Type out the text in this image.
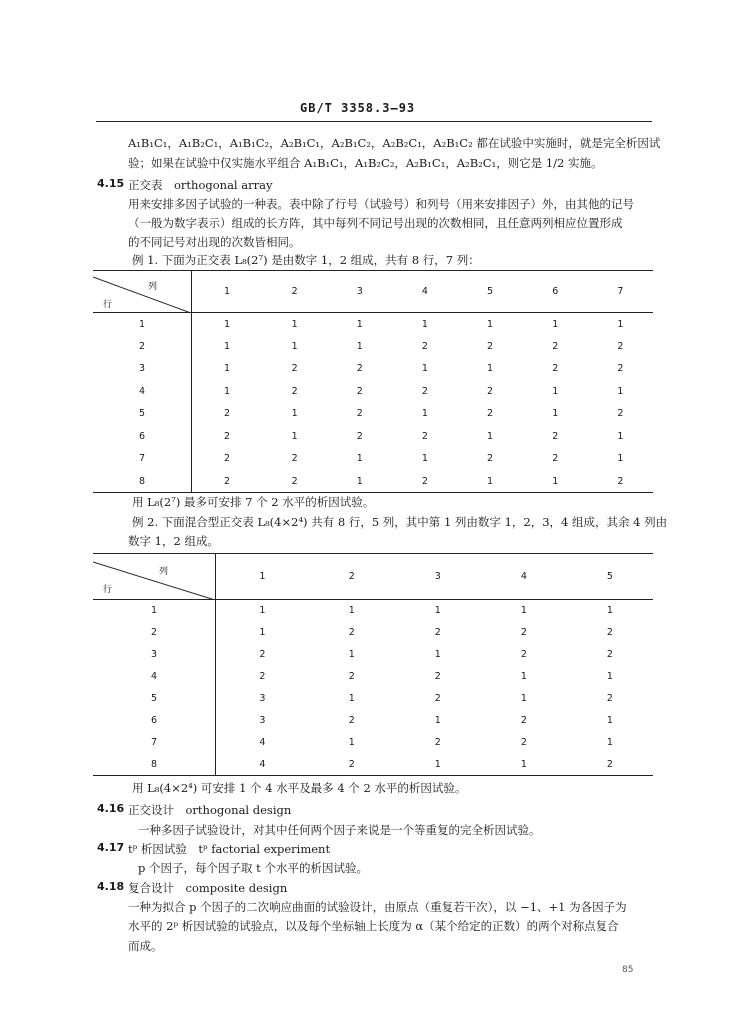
GB/T 3358.3—93
A₁B₁C₁，A₁B₂C₁，A₁B₁C₂，A₂B₁C₁，A₂B₁C₂，A₂B₂C₁，A₂B₁C₂ 都在试验中实施时，就是完全析因试
验；如果在试验中仅实施水平组合 A₁B₁C₁，A₁B₂C₂，A₂B₁C₁，A₂B₂C₁，则它是 1/2 实施。
4.15 正交表　orthogonal array
用来安排多因子试验的一种表。表中除了行号（试验号）和列号（用来安排因子）外，由其他的记号
（一般为数字表示）组成的长方阵，其中每列不同记号出现的次数相同，且任意两列相应位置形成
的不同记号对出现的次数皆相同。
例 1. 下面为正交表 L₈(2⁷) 是由数字 1，2 组成，共有 8 行，7 列：
列
行	1	2	3	4	5	6	7
1	1	1	1	1	1	1	1
2	1	1	1	2	2	2	2
3	1	2	2	1	1	2	2
4	1	2	2	2	2	1	1
5	2	1	2	1	2	1	2
6	2	1	2	2	1	2	1
7	2	2	1	1	2	2	1
8	2	2	1	2	1	1	2
用 L₈(2⁷) 最多可安排 7 个 2 水平的析因试验。
例 2. 下面混合型正交表 L₈(4×2⁴) 共有 8 行，5 列，其中第 1 列由数字 1，2，3，4 组成，其余 4 列由
数字 1，2 组成。
列
行	1	2	3	4	5
1	1	1	1	1	1
2	1	2	2	2	2
3	2	1	1	2	2
4	2	2	2	1	1
5	3	1	2	1	2
6	3	2	1	2	1
7	4	1	2	2	1
8	4	2	1	1	2
用 L₈(4×2⁴) 可安排 1 个 4 水平及最多 4 个 2 水平的析因试验。
4.16 正交设计　orthogonal design
一种多因子试验设计，对其中任何两个因子来说是一个等重复的完全析因试验。
4.17 tᵖ 析因试验　tᵖ factorial experiment
p 个因子，每个因子取 t 个水平的析因试验。
4.18 复合设计　composite design
一种为拟合 p 个因子的二次响应曲面的试验设计，由原点（重复若干次），以 −1、+1 为各因子为
水平的 2ᵖ 析因试验的试验点，以及每个坐标轴上长度为 α（某个给定的正数）的两个对称点复合
而成。
85
